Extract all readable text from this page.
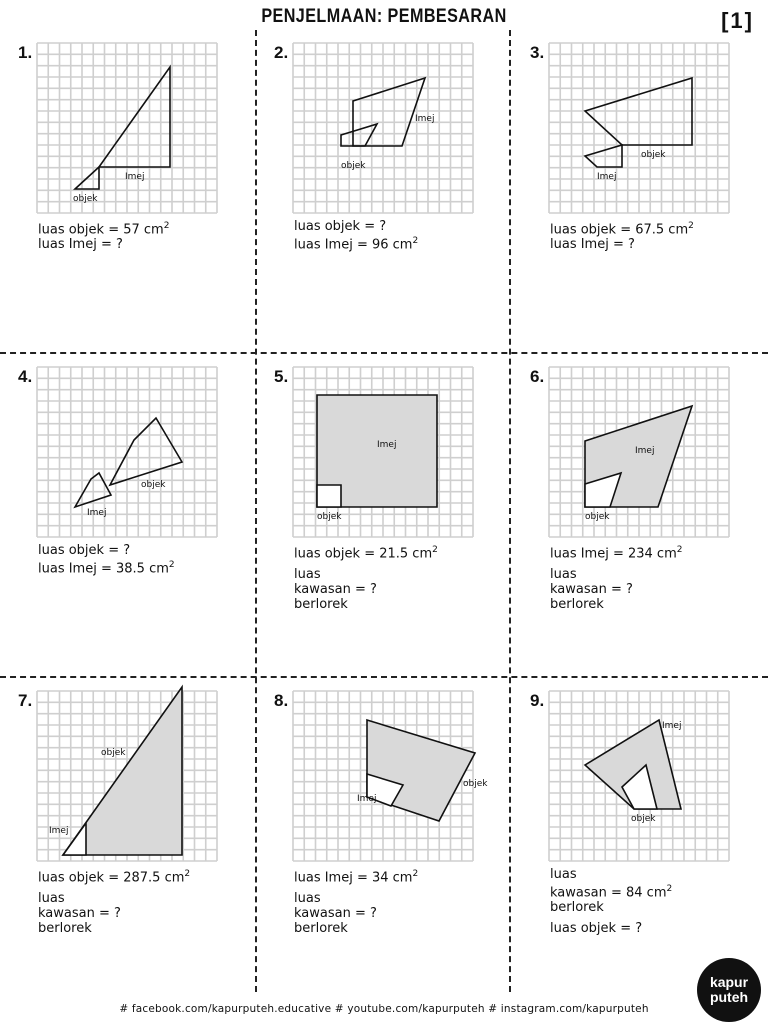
PENJELMAAN: PEMBESARAN	[1]
1.
objek
Imej
luas objek = 57 $cm^2$
luas Imej = ?
2.
objek
Imej
luas objek = ?
luas Imej = 96 $cm^2$
3.
objek
Imej
luas objek = 67.5 $cm^2$
luas Imej = ?
4.
objek
Imej
luas objek = ?
luas Imej = 38.5 $cm^2$
5.
objek
Imej
luas objek = 21.5 $cm^2$
luas
kawasan = ?
berlorek
6.
objek
Imej
luas Imej = 234 $cm^2$
luas
kawasan = ?
berlorek
7.
objek
Imej
luas objek = 287.5 $cm^2$
luas
kawasan = ?
berlorek
8.
objek
Imej
luas Imej = 34 $cm^2$
luas
kawasan = ?
berlorek
9.
objek
Imej
luas
kawasan = 84 $cm^2$
berlorek
luas objek = ?
# facebook.com/kapurputeh.educative # youtube.com/kapurputeh # instagram.com/kapurputeh
kapur
puteh
